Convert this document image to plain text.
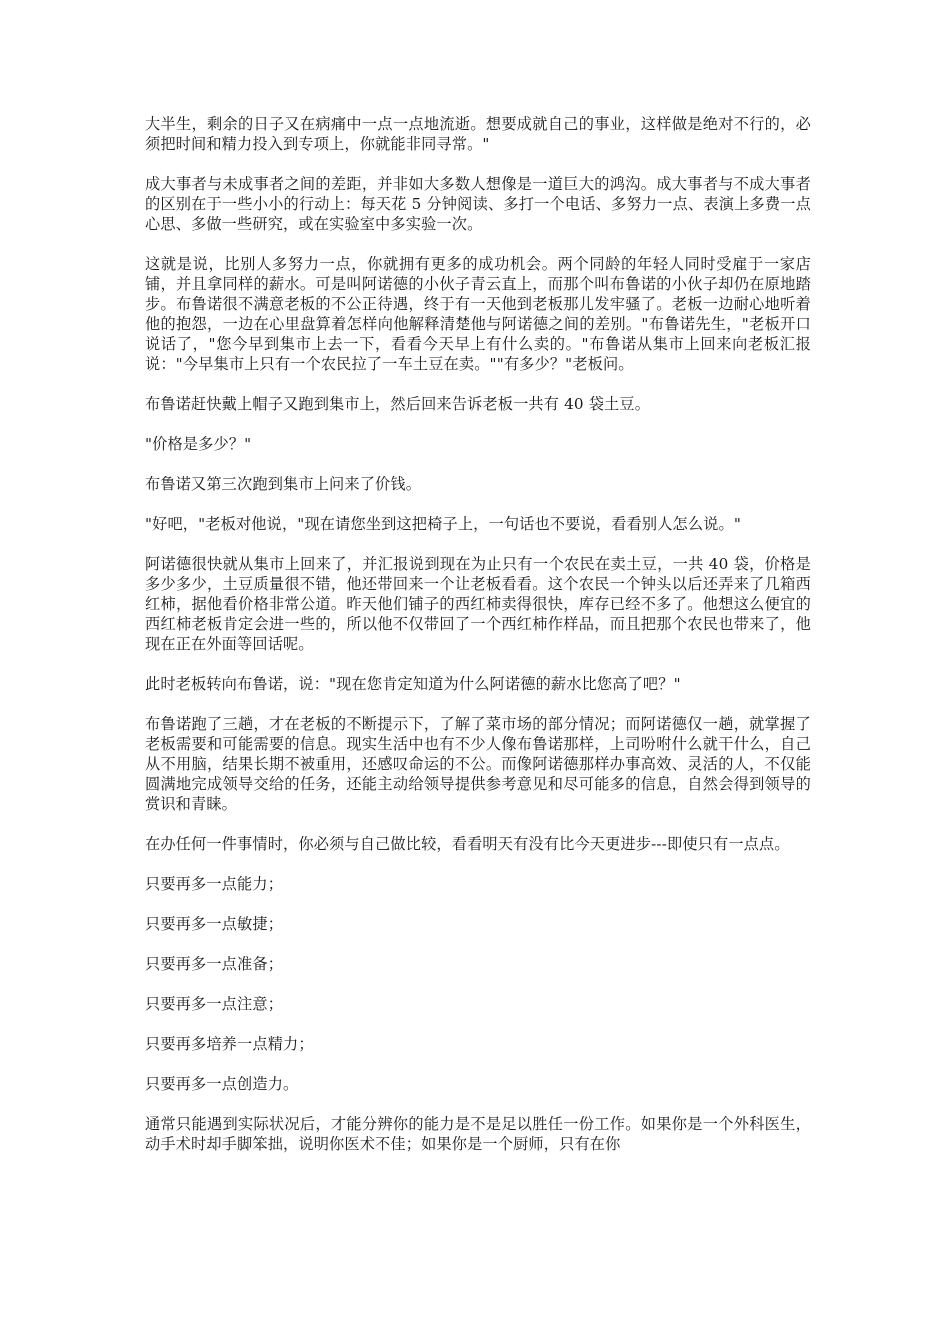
大半生，剩余的日子又在病痛中一点一点地流逝。想要成就自己的事业，这样做是绝对不行的，必须把时间和精力投入到专项上，你就能非同寻常。"

成大事者与未成事者之间的差距，并非如大多数人想像是一道巨大的鸿沟。成大事者与不成大事者的区别在于一些小小的行动上：每天花 5 分钟阅读、多打一个电话、多努力一点、表演上多费一点心思、多做一些研究，或在实验室中多实验一次。

这就是说，比别人多努力一点，你就拥有更多的成功机会。两个同龄的年轻人同时受雇于一家店铺，并且拿同样的薪水。可是叫阿诺德的小伙子青云直上，而那个叫布鲁诺的小伙子却仍在原地踏步。布鲁诺很不满意老板的不公正待遇，终于有一天他到老板那儿发牢骚了。老板一边耐心地听着他的抱怨，一边在心里盘算着怎样向他解释清楚他与阿诺德之间的差别。"布鲁诺先生，"老板开口说话了，"您今早到集市上去一下，看看今天早上有什么卖的。"布鲁诺从集市上回来向老板汇报说："今早集市上只有一个农民拉了一车土豆在卖。""有多少？"老板问。

布鲁诺赶快戴上帽子又跑到集市上，然后回来告诉老板一共有 40 袋土豆。

"价格是多少？"

布鲁诺又第三次跑到集市上问来了价钱。

"好吧，"老板对他说，"现在请您坐到这把椅子上，一句话也不要说，看看别人怎么说。"

阿诺德很快就从集市上回来了，并汇报说到现在为止只有一个农民在卖土豆，一共 40 袋，价格是多少多少，土豆质量很不错，他还带回来一个让老板看看。这个农民一个钟头以后还弄来了几箱西红柿，据他看价格非常公道。昨天他们铺子的西红柿卖得很快，库存已经不多了。他想这么便宜的西红柿老板肯定会进一些的，所以他不仅带回了一个西红柿作样品，而且把那个农民也带来了，他现在正在外面等回话呢。

此时老板转向布鲁诺，说："现在您肯定知道为什么阿诺德的薪水比您高了吧？"

布鲁诺跑了三趟，才在老板的不断提示下，了解了菜市场的部分情况；而阿诺德仅一趟，就掌握了老板需要和可能需要的信息。现实生活中也有不少人像布鲁诺那样，上司吩咐什么就干什么，自己从不用脑，结果长期不被重用，还感叹命运的不公。而像阿诺德那样办事高效、灵活的人，不仅能圆满地完成领导交给的任务，还能主动给领导提供参考意见和尽可能多的信息，自然会得到领导的赏识和青睐。

在办任何一件事情时，你必须与自己做比较，看看明天有没有比今天更进步---即使只有一点点。

只要再多一点能力；

只要再多一点敏捷；

只要再多一点准备；

只要再多一点注意；

只要再多培养一点精力；

只要再多一点创造力。

通常只能遇到实际状况后，才能分辨你的能力是不是足以胜任一份工作。如果你是一个外科医生，动手术时却手脚笨拙，说明你医术不佳；如果你是一个厨师，只有在你
